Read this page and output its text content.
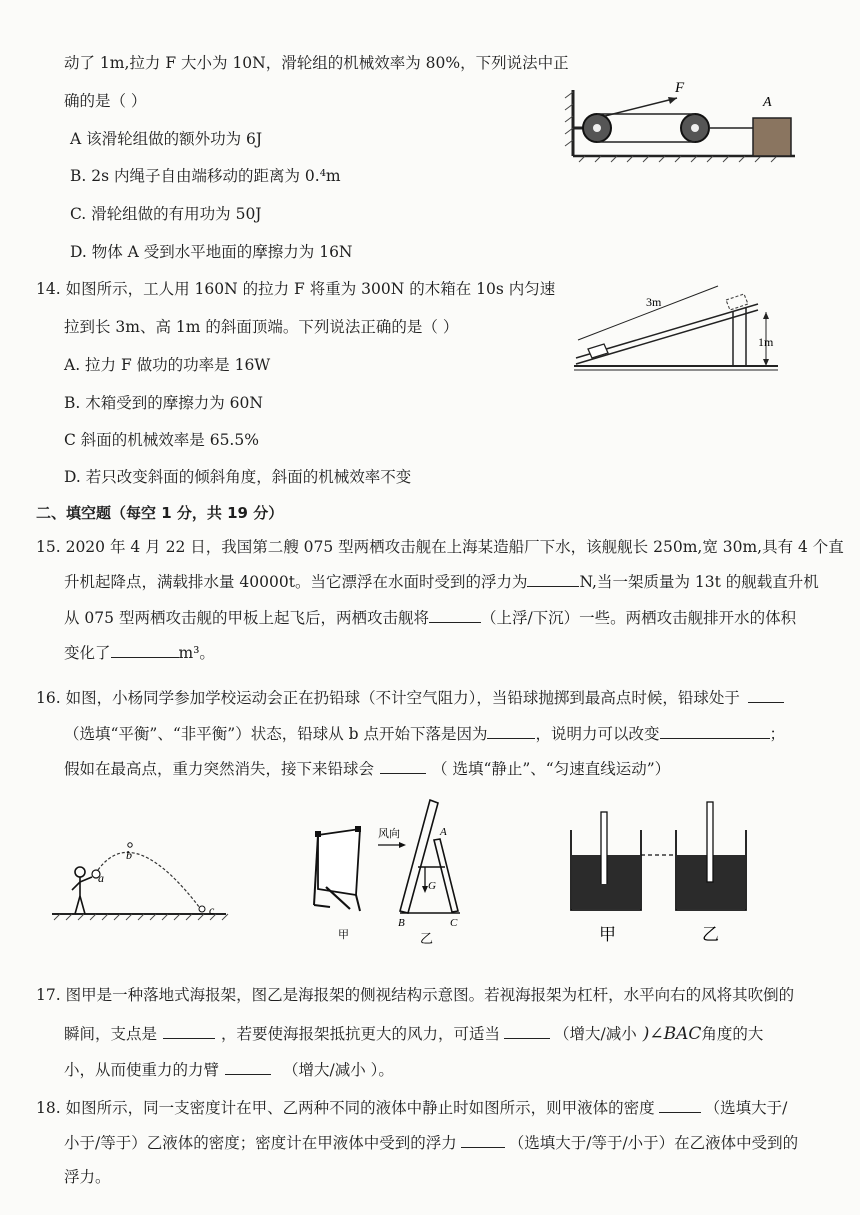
动了 1m,拉力 F 大小为 10N，滑轮组的机械效率为 80%，下列说法中正
确的是（ ）
A 该滑轮组做的额外功为 6J
B. 2s 内绳子自由端移动的距离为 0.⁴m
C. 滑轮组做的有用功为 50J
D. 物体 A 受到水平地面的摩擦力为 16N
F
A
14. 如图所示，工人用 160N 的拉力 F 将重为 300N 的木箱在 10s 内匀速
拉到长 3m、高 1m 的斜面顶端。下列说法正确的是（ ）
A. 拉力 F 做功的功率是 16W
B. 木箱受到的摩擦力为 60N
C 斜面的机械效率是 65.5%
D. 若只改变斜面的倾斜角度，斜面的机械效率不变
3m
1m
二、填空题（每空 1 分，共 19 分）
15. 2020 年 4 月 22 日，我国第二艘 075 型两栖攻击舰在上海某造船厂下水，该舰舰长 250m,宽 30m,具有 4 个直
升机起降点，满载排水量 40000t。当它漂浮在水面时受到的浮力为	N,当一架质量为 13t 的舰载直升机
从 075 型两栖攻击舰的甲板上起飞后，两栖攻击舰将	（上浮/下沉）一些。两栖攻击舰排开水的体积
变化了	m³。
16. 如图，小杨同学参加学校运动会正在扔铅球（不计空气阻力），当铅球抛掷到最高点时候，铅球处于
（选填“平衡”、“非平衡”）状态，铅球从 b 点开始下落是因为	，说明力可以改变	；
假如在最高点，重力突然消失，接下来铅球会	（ 选填“静止”、“匀速直线运动”）
a
b
c
甲
风向	A
B	C
G
乙	甲	乙
17. 图甲是一种落地式海报架，图乙是海报架的侧视结构示意图。若视海报架为杠杆，水平向右的风将其吹倒的
瞬间，支点是	，若要使海报架抵抗更大的风力，可适当	（增大/减小 )∠BAC角度的大
小，从而使重力的力臂	（增大/减小 ）。
18. 如图所示，同一支密度计在甲、乙两种不同的液体中静止时如图所示，则甲液体的密度	（选填大于/
小于/等于）乙液体的密度；密度计在甲液体中受到的浮力	（选填大于/等于/小于）在乙液体中受到的
浮力。
